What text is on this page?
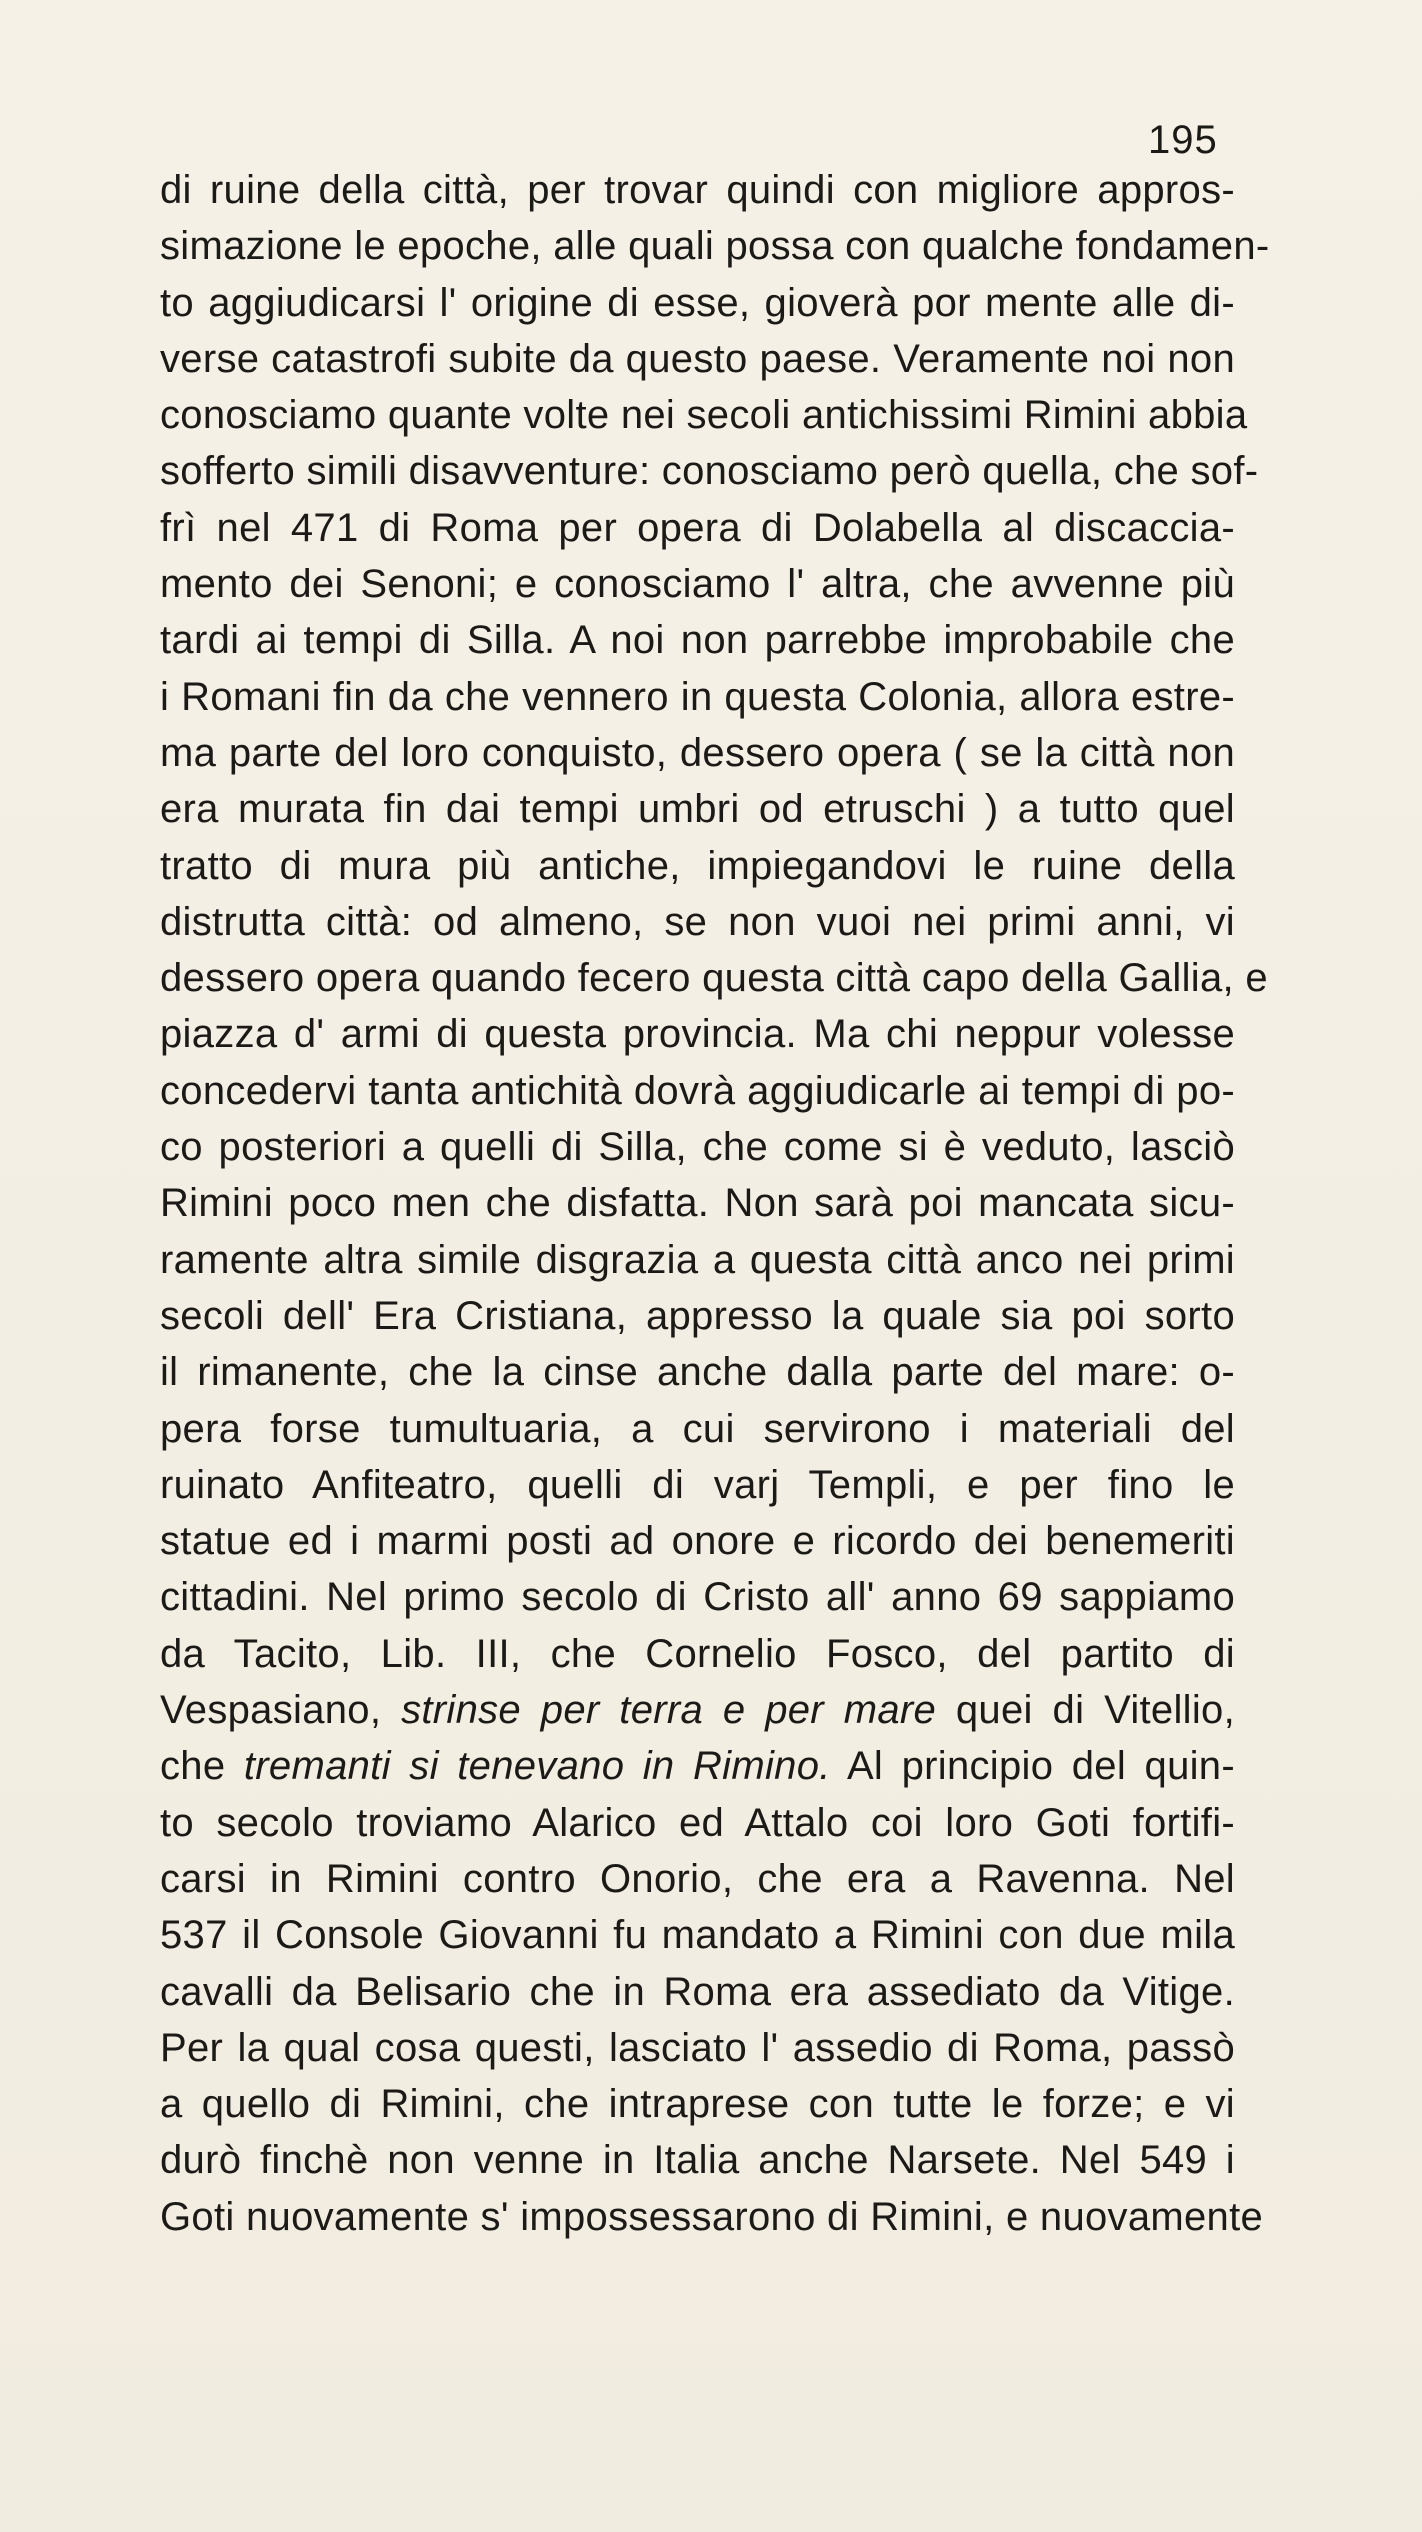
195
di ruine della città, per trovar quindi con migliore appros-
simazione le epoche, alle quali possa con qualche fondamen-
to aggiudicarsi l' origine di esse, gioverà por mente alle di-
verse catastrofi subite da questo paese. Veramente noi non
conosciamo quante volte nei secoli antichissimi Rimini abbia
sofferto simili disavventure: conosciamo però quella, che sof-
frì nel 471 di Roma per opera di Dolabella al discaccia-
mento dei Senoni; e conosciamo l' altra, che avvenne più
tardi ai tempi di Silla. A noi non parrebbe improbabile che
i Romani fin da che vennero in questa Colonia, allora estre-
ma parte del loro conquisto, dessero opera ( se la città non
era murata fin dai tempi umbri od etruschi ) a tutto quel
tratto di mura più antiche, impiegandovi le ruine della
distrutta città: od almeno, se non vuoi nei primi anni, vi
dessero opera quando fecero questa città capo della Gallia, e
piazza d' armi di questa provincia. Ma chi neppur volesse
concedervi tanta antichità dovrà aggiudicarle ai tempi di po-
co posteriori a quelli di Silla, che come si è veduto, lasciò
Rimini poco men che disfatta. Non sarà poi mancata sicu-
ramente altra simile disgrazia a questa città anco nei primi
secoli dell' Era Cristiana, appresso la quale sia poi sorto
il rimanente, che la cinse anche dalla parte del mare: o-
pera forse tumultuaria, a cui servirono i materiali del
ruinato Anfiteatro, quelli di varj Templi, e per fino le
statue ed i marmi posti ad onore e ricordo dei benemeriti
cittadini. Nel primo secolo di Cristo all' anno 69 sappiamo
da Tacito, Lib. III, che Cornelio Fosco, del partito di
Vespasiano, strinse per terra e per mare quei di Vitellio,
che tremanti si tenevano in Rimino. Al principio del quin-
to secolo troviamo Alarico ed Attalo coi loro Goti fortifi-
carsi in Rimini contro Onorio, che era a Ravenna. Nel
537 il Console Giovanni fu mandato a Rimini con due mila
cavalli da Belisario che in Roma era assediato da Vitige.
Per la qual cosa questi, lasciato l' assedio di Roma, passò
a quello di Rimini, che intraprese con tutte le forze; e vi
durò finchè non venne in Italia anche Narsete. Nel 549 i
Goti nuovamente s' impossessarono di Rimini, e nuovamente
